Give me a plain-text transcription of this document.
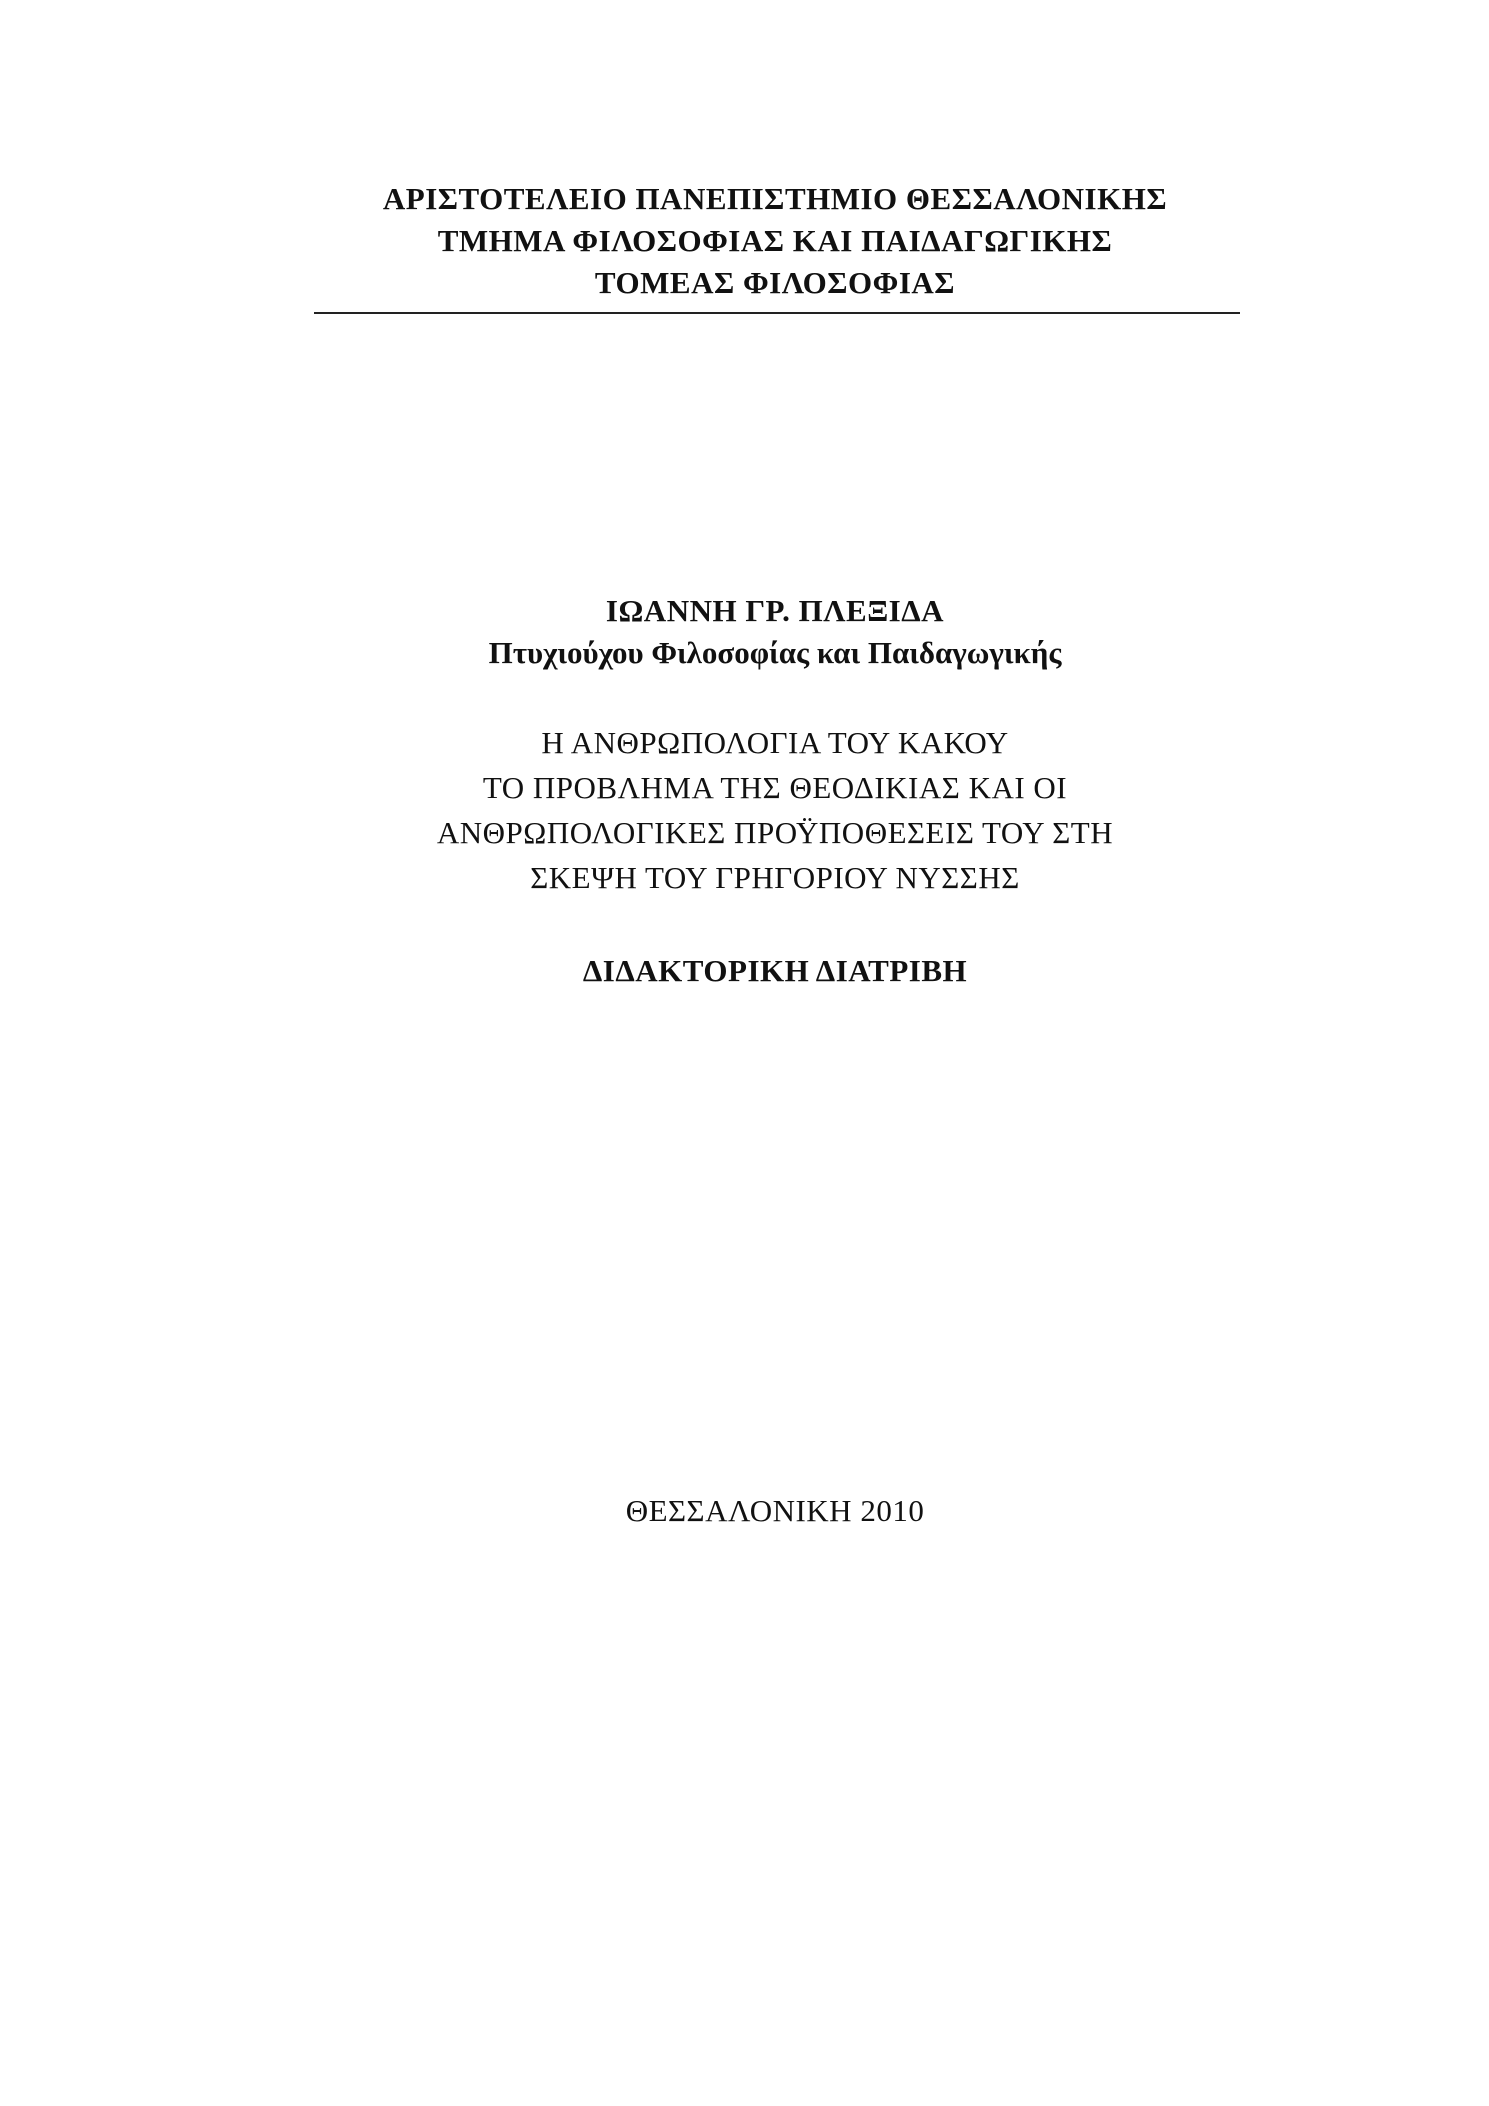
ΑΡΙΣΤΟΤΕΛΕΙΟ ΠΑΝΕΠΙΣΤΗΜΙΟ ΘΕΣΣΑΛΟΝΙΚΗΣ
ΤΜΗΜΑ ΦΙΛΟΣΟΦΙΑΣ ΚΑΙ ΠΑΙΔΑΓΩΓΙΚΗΣ
ΤΟΜΕΑΣ ΦΙΛΟΣΟΦΙΑΣ
ΙΩΑΝΝΗ ΓΡ. ΠΛΕΞΙΔΑ
Πτυχιούχου Φιλοσοφίας και Παιδαγωγικής
Η ΑΝΘΡΩΠΟΛΟΓΙΑ ΤΟΥ ΚΑΚΟΥ
ΤΟ ΠΡΟΒΛΗΜΑ ΤΗΣ ΘΕΟΔΙΚΙΑΣ ΚΑΙ ΟΙ
ΑΝΘΡΩΠΟΛΟΓΙΚΕΣ ΠΡΟΫΠΟΘΕΣΕΙΣ ΤΟΥ ΣΤΗ
ΣΚΕΨΗ ΤΟΥ ΓΡΗΓΟΡΙΟΥ ΝΥΣΣΗΣ
ΔΙΔΑΚΤΟΡΙΚΗ ΔΙΑΤΡΙΒΗ
ΘΕΣΣΑΛΟΝΙΚΗ 2010
